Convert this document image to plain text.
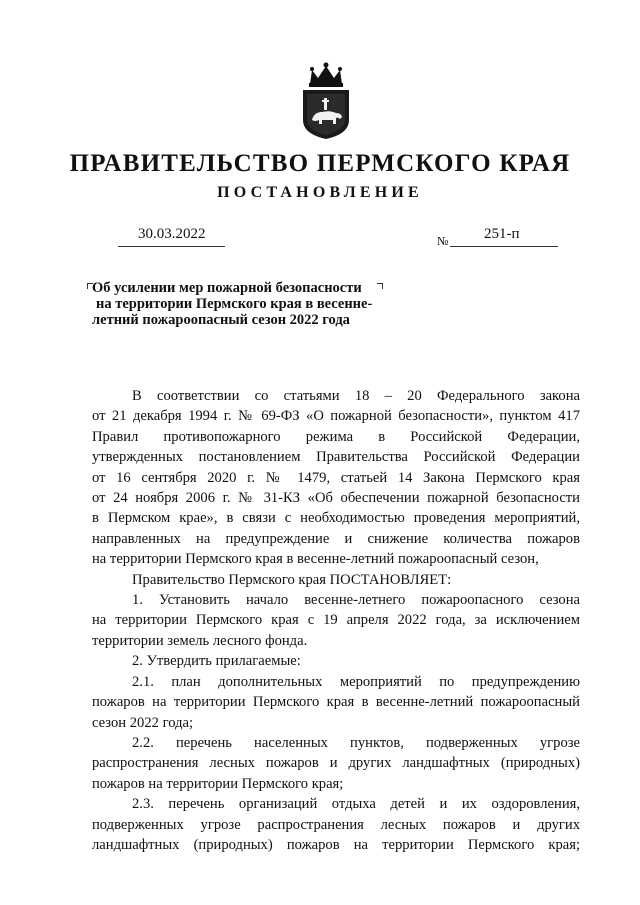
ПРАВИТЕЛЬСТВО ПЕРМСКОГО КРАЯ
ПОСТАНОВЛЕНИЕ
30.03.2022	№ 251-п
Об усилении мер пожарной безопасности
на территории Пермского края в весенне-
летний пожароопасный сезон 2022 года

В соответствии со статьями 18 – 20 Федерального закона
от 21 декабря 1994 г. № 69-ФЗ «О пожарной безопасности», пунктом 417
Правил противопожарного режима в Российской Федерации,
утвержденных постановлением Правительства Российской Федерации
от 16 сентября 2020 г. № 1479, статьей 14 Закона Пермского края
от 24 ноября 2006 г. № 31-КЗ «Об обеспечении пожарной безопасности
в Пермском крае», в связи с необходимостью проведения мероприятий,
направленных на предупреждение и снижение количества пожаров
на территории Пермского края в весенне-летний пожароопасный сезон,

Правительство Пермского края ПОСТАНОВЛЯЕТ:

1. Установить начало весенне-летнего пожароопасного сезона
на территории Пермского края с 19 апреля 2022 года, за исключением
территории земель лесного фонда.

2. Утвердить прилагаемые:

2.1. план дополнительных мероприятий по предупреждению
пожаров на территории Пермского края в весенне-летний пожароопасный
сезон 2022 года;

2.2. перечень населенных пунктов, подверженных угрозе
распространения лесных пожаров и других ландшафтных (природных)
пожаров на территории Пермского края;

2.3. перечень организаций отдыха детей и их оздоровления,
подверженных угрозе распространения лесных пожаров и других
ландшафтных (природных) пожаров на территории Пермского края;
